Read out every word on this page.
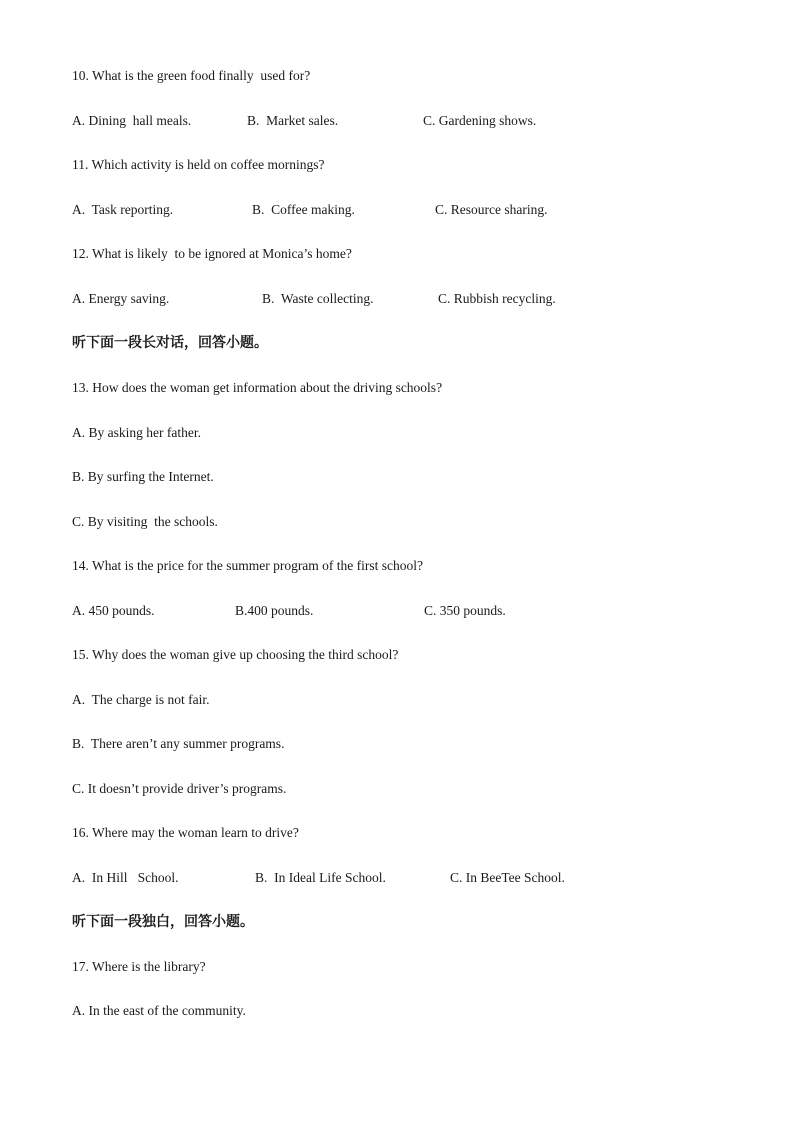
10. What is the green food finally  used for?

A. Dining  hall meals.

	B.  Market sales.

	C. Gardening shows.

11. Which activity is held on coffee mornings?

A.  Task reporting.

	B.  Coffee making.

	C. Resource sharing.

12. What is likely  to be ignored at Monica’s home?

A. Energy saving.

	B.  Waste collecting.

	C. Rubbish recycling.

听下面一段长对话，回答小题。
13. How does the woman get information about the driving schools?
A. By asking her father.
B. By surfing the Internet.
C. By visiting  the schools.
14. What is the price for the summer program of the first school?

A. 450 pounds.

	B.400 pounds.

	C. 350 pounds.

15. Why does the woman give up choosing the third school?
A.  The charge is not fair.
B.  There aren’t any summer programs.
C. It doesn’t provide driver’s programs.
16. Where may the woman learn to drive?

A.  In Hill   School.

	B.  In Ideal Life School.

	C. In BeeTee School.

听下面一段独白，回答小题。
17. Where is the library?
A. In the east of the community.
